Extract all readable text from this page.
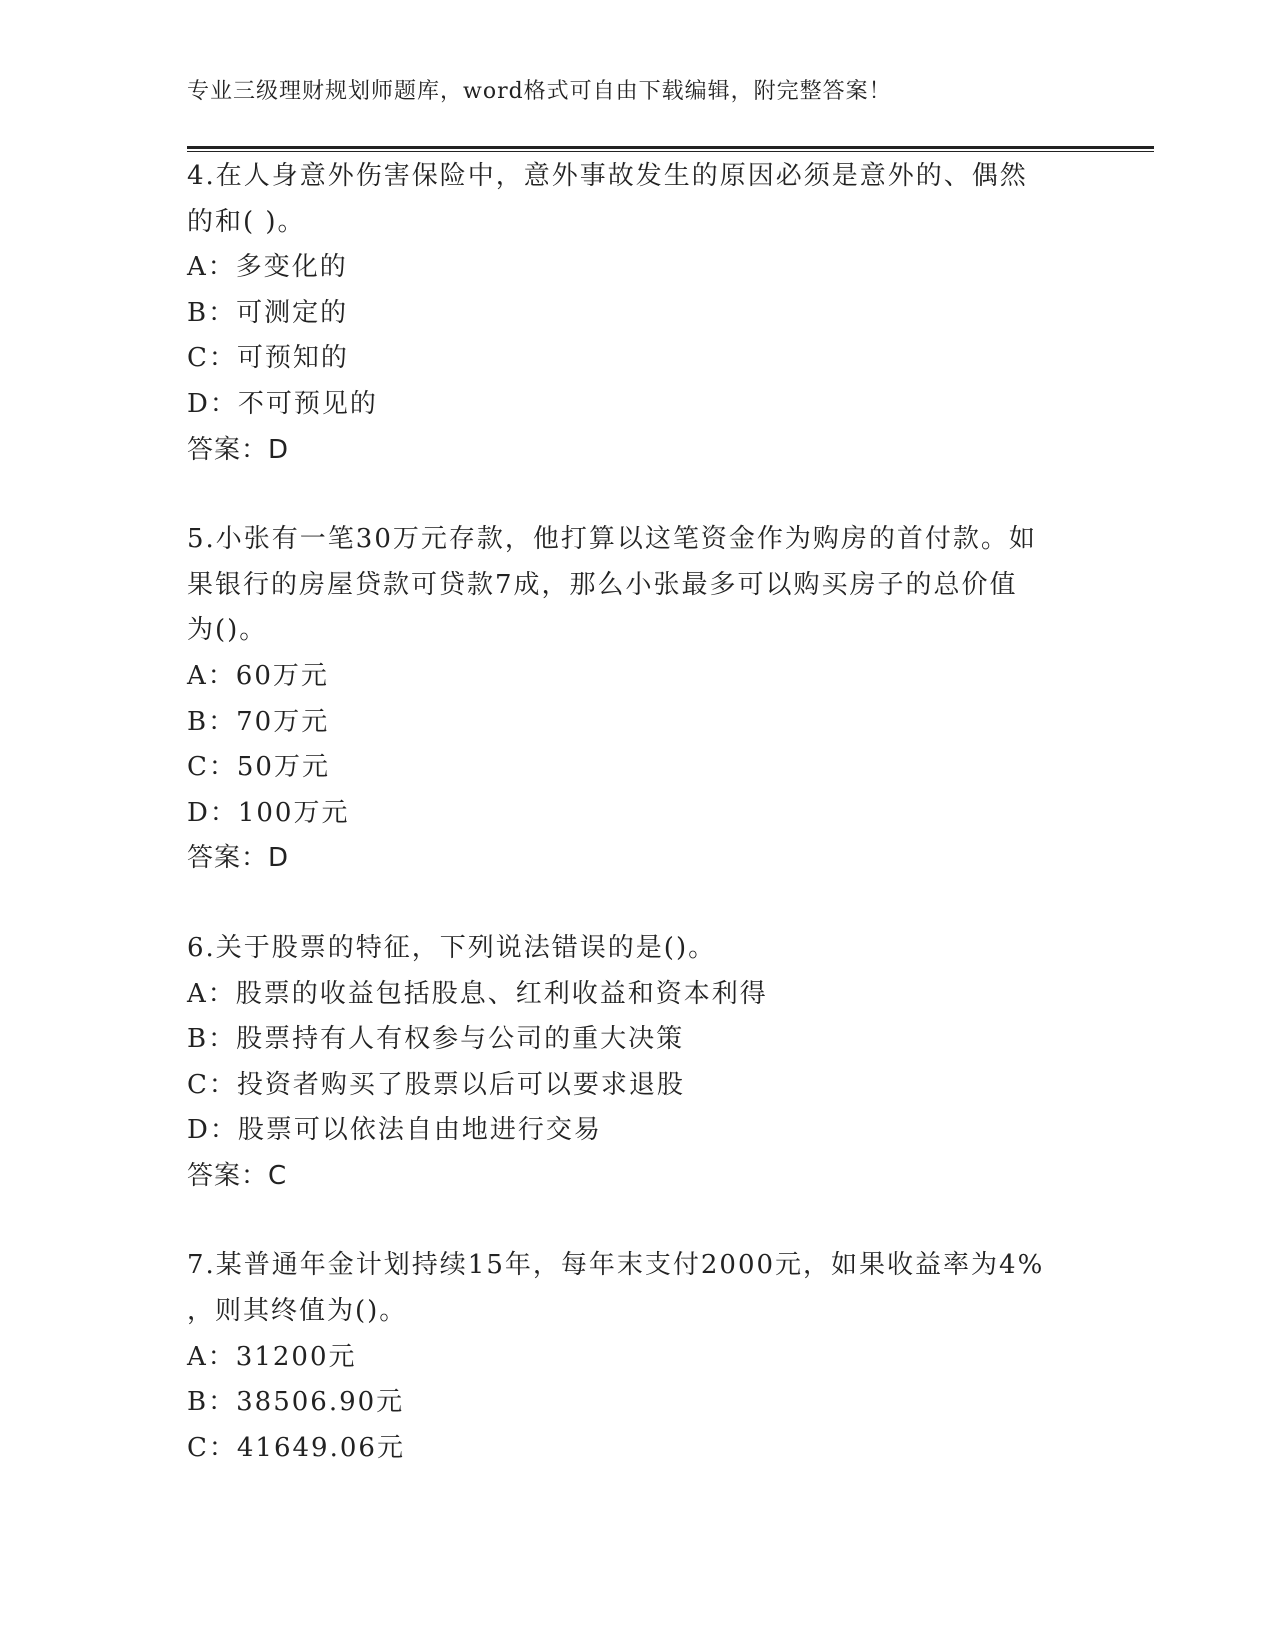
专业三级理财规划师题库，word格式可自由下载编辑，附完整答案！
4.在人身意外伤害保险中，意外事故发生的原因必须是意外的、偶然
的和( )。
A：多变化的
B：可测定的
C：可预知的
D：不可预见的
答案：D
5.小张有一笔30万元存款，他打算以这笔资金作为购房的首付款。如
果银行的房屋贷款可贷款7成，那么小张最多可以购买房子的总价值
为()。
A：60万元
B：70万元
C：50万元
D：100万元
答案：D
6.关于股票的特征，下列说法错误的是()。
A：股票的收益包括股息、红利收益和资本利得
B：股票持有人有权参与公司的重大决策
C：投资者购买了股票以后可以要求退股
D：股票可以依法自由地进行交易
答案：C
7.某普通年金计划持续15年，每年末支付2000元，如果收益率为4%
，则其终值为()。
A：31200元
B：38506.90元
C：41649.06元
